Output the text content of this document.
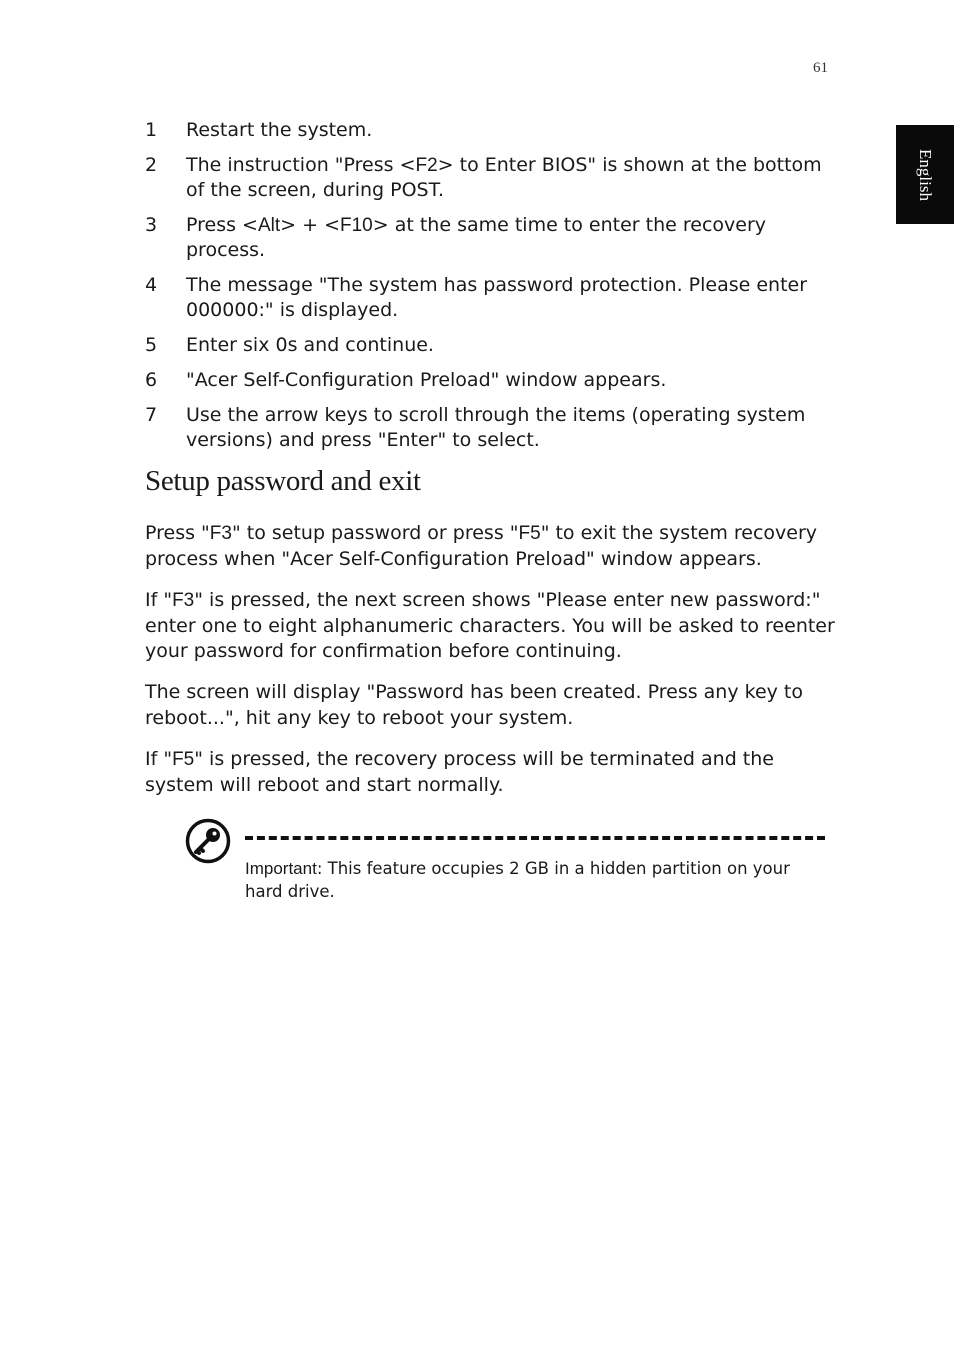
61
English
1	Restart the system.
2	The instruction "Press <F2> to Enter BIOS" is shown at the bottom of the screen, during POST.
3	Press <Alt> + <F10> at the same time to enter the recovery process.
4	The message "The system has password protection. Please enter 000000:" is displayed.
5	Enter six 0s and continue.
6	"Acer Self-Configuration Preload" window appears.
7	Use the arrow keys to scroll through the items (operating system versions) and press "Enter" to select.
Setup password and exit

Press "F3" to setup password or press "F5" to exit the system recovery process when "Acer Self-Configuration Preload" window appears.

If "F3" is pressed, the next screen shows "Please enter new password:" enter one to eight alphanumeric characters. You will be asked to reenter your password for confirmation before continuing.

The screen will display "Password has been created. Press any key to reboot...", hit any key to reboot your system.

If "F5" is pressed, the recovery process will be terminated and the system will reboot and start normally.

Important: This feature occupies 2 GB in a hidden partition on your hard drive.
